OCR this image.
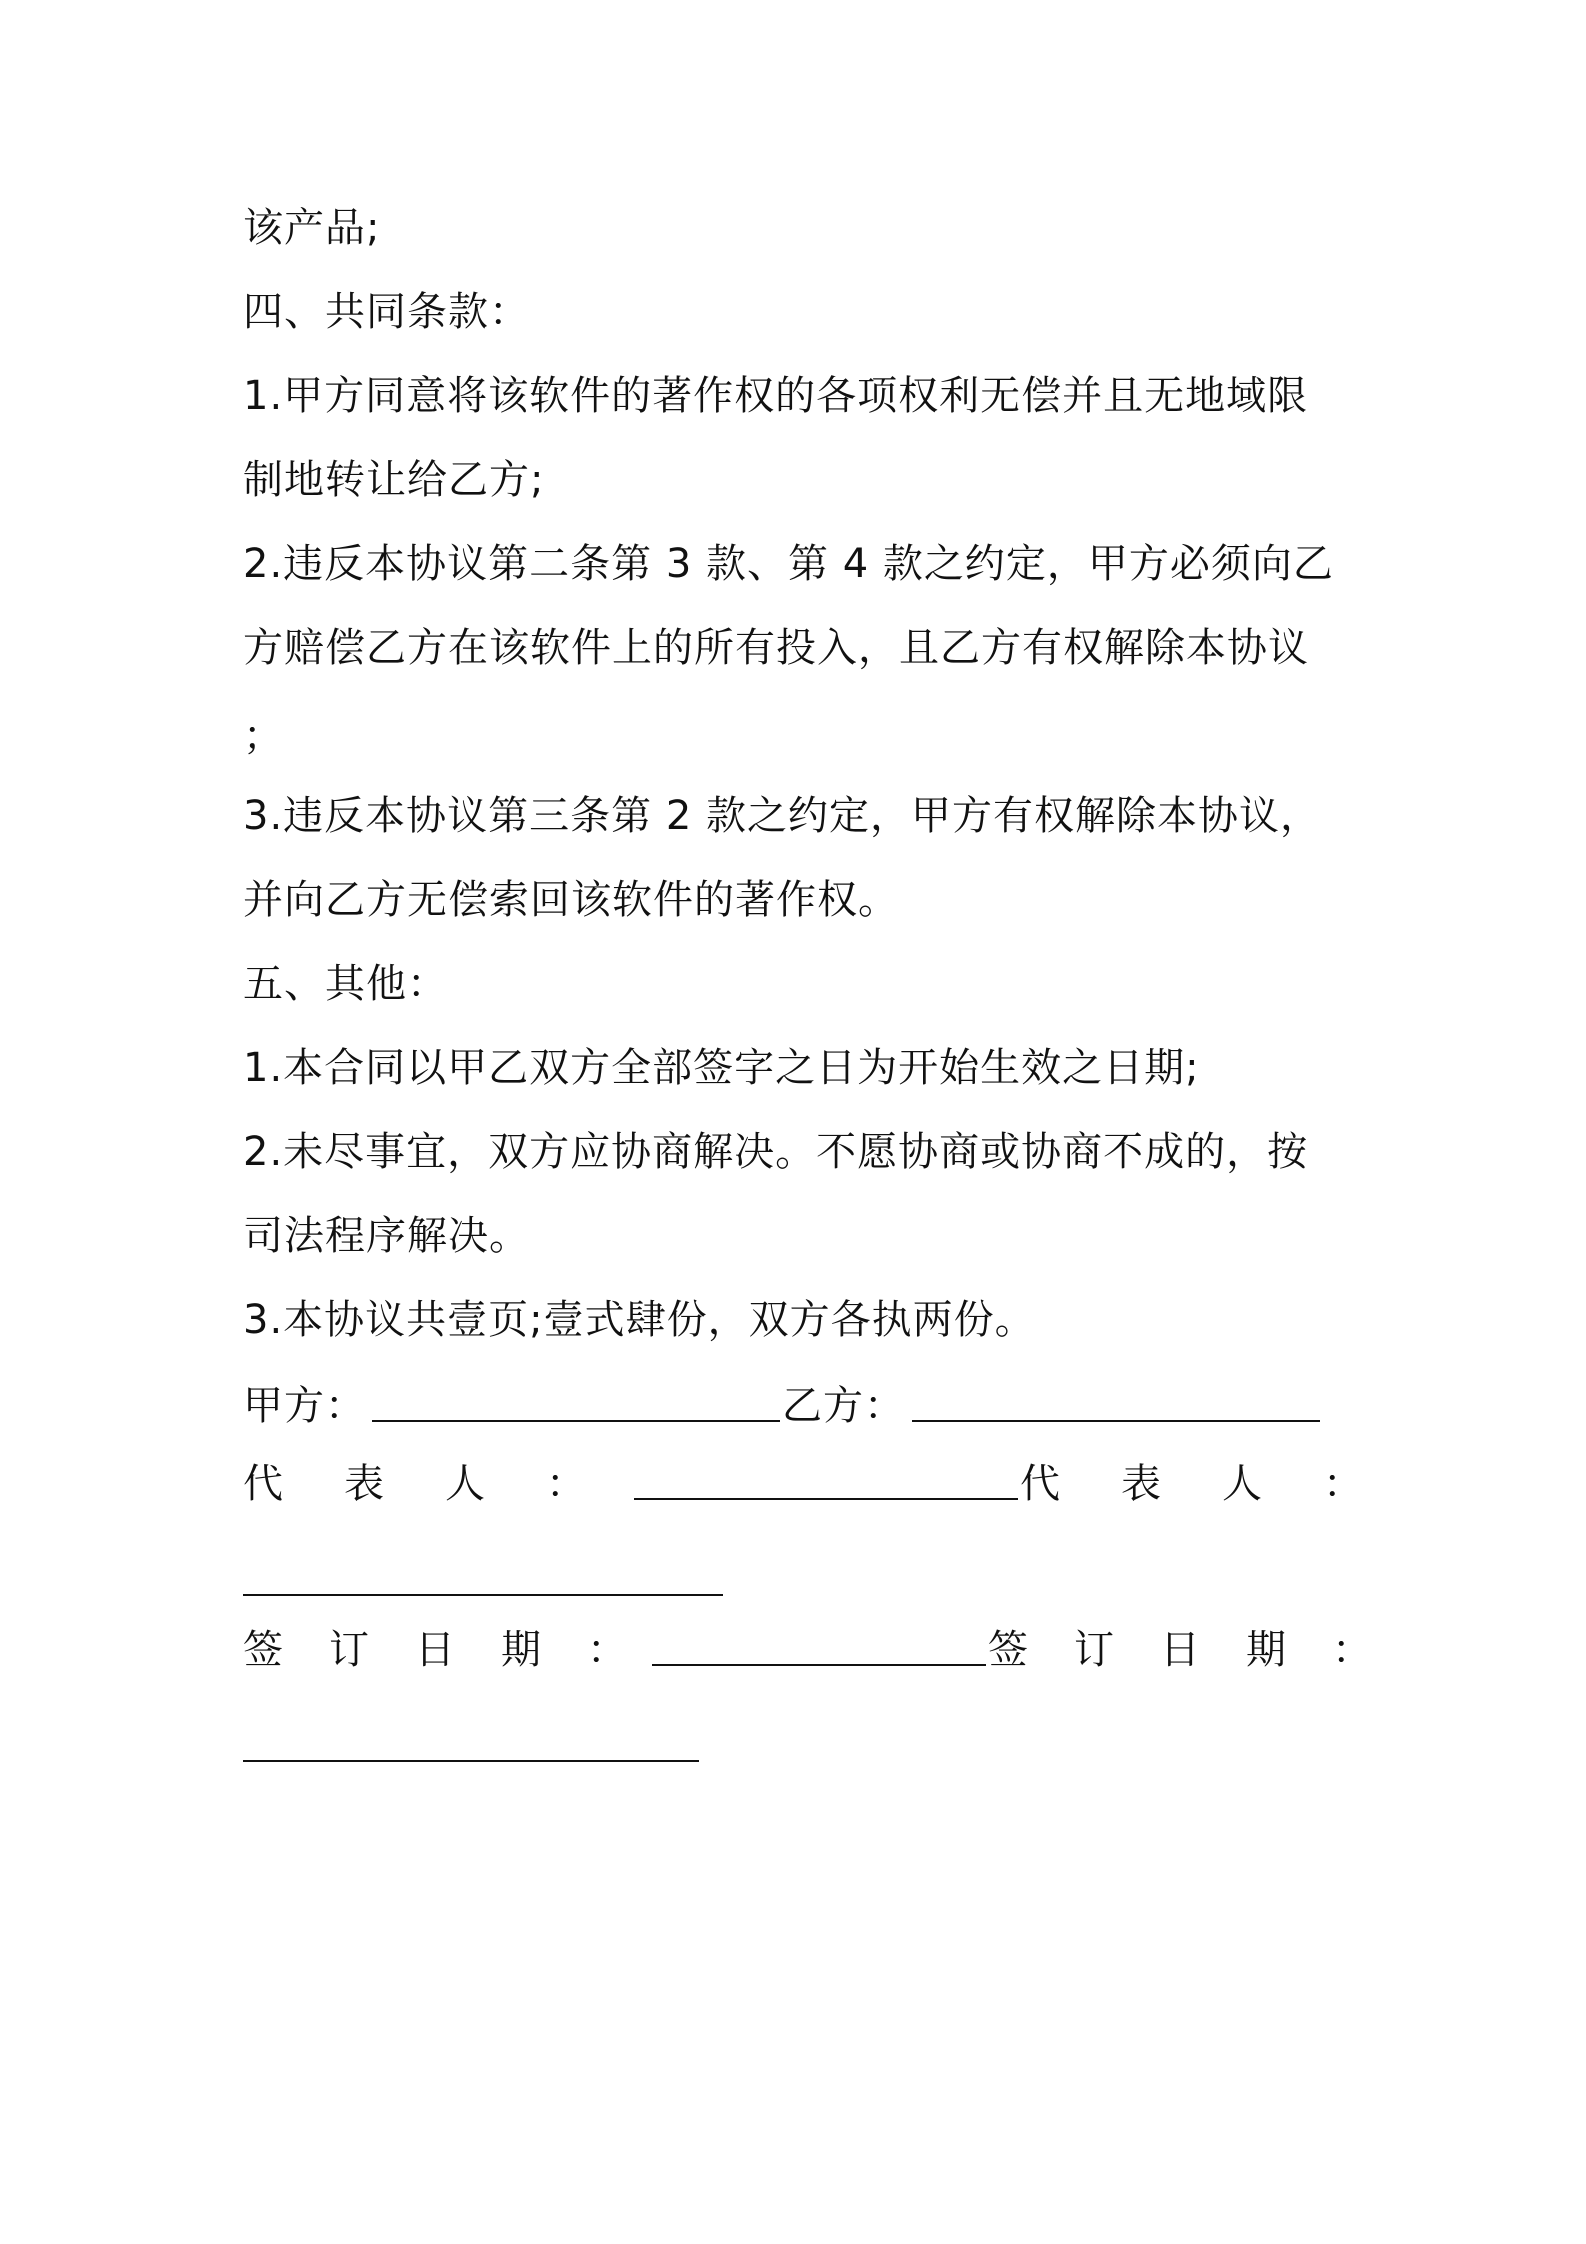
该产品;
四、共同条款：
1.甲方同意将该软件的著作权的各项权利无偿并且无地域限
制地转让给乙方;
2.违反本协议第二条第 3 款、第 4 款之约定，甲方必须向乙
方赔偿乙方在该软件上的所有投入，且乙方有权解除本协议
；
3.违反本协议第三条第 2 款之约定，甲方有权解除本协议，
并向乙方无偿索回该软件的著作权。
五、其他：
1.本合同以甲乙双方全部签字之日为开始生效之日期;
2.未尽事宜，双方应协商解决。不愿协商或协商不成的，按
司法程序解决。
3.本协议共壹页;壹式肆份，双方各执两份。
甲方：	乙方：
代表人：	代表人：
签订日期：	签订日期：
